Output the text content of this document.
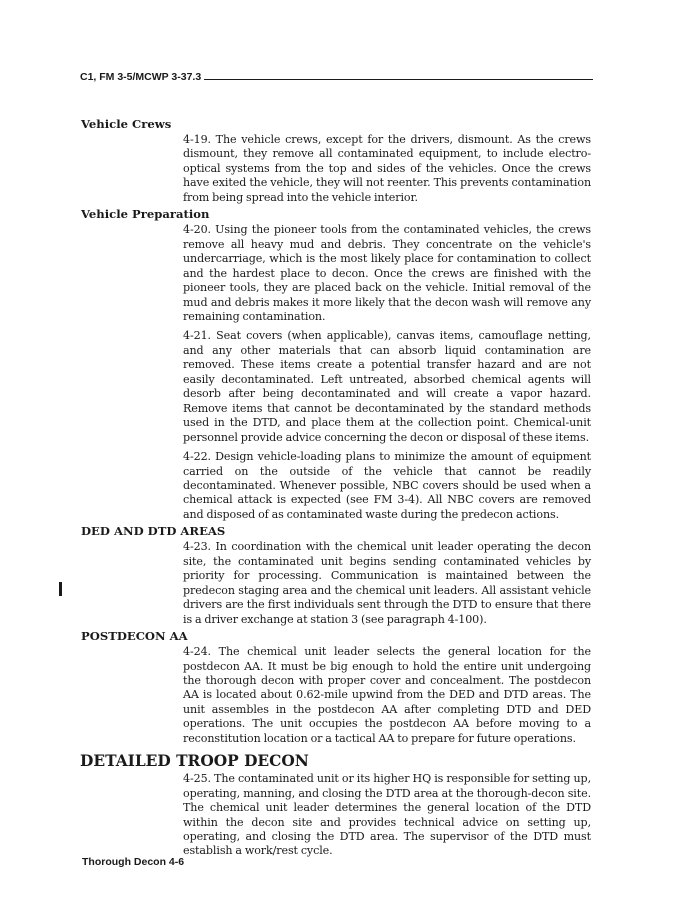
C1, FM 3-5/MCWP 3-37.3
Vehicle Crews

4-19. The vehicle crews, except for the drivers, dismount. As the crews dismount, they remove all contaminated equipment, to include electro-optical systems from the top and sides of the vehicles. Once the crews have exited the vehicle, they will not reenter. This prevents contamination from being spread into the vehicle interior.

Vehicle Preparation

4-20. Using the pioneer tools from the contaminated vehicles, the crews remove all heavy mud and debris. They concentrate on the vehicle's undercarriage, which is the most likely place for contamination to collect and the hardest place to decon. Once the crews are finished with the pioneer tools, they are placed back on the vehicle. Initial removal of the mud and debris makes it more likely that the decon wash will remove any remaining contamination.

4-21. Seat covers (when applicable), canvas items, camouflage netting, and any other materials that can absorb liquid contamination are removed. These items create a potential transfer hazard and are not easily decontaminated. Left untreated, absorbed chemical agents will desorb after being decontaminated and will create a vapor hazard. Remove items that cannot be decontaminated by the standard methods used in the DTD, and place them at the collection point. Chemical-unit personnel provide advice concerning the decon or disposal of these items.

4-22. Design vehicle-loading plans to minimize the amount of equipment carried on the outside of the vehicle that cannot be readily decontaminated. Whenever possible, NBC covers should be used when a chemical attack is expected (see FM 3-4). All NBC covers are removed and disposed of as contaminated waste during the predecon actions.

DED AND DTD AREAS

4-23. In coordination with the chemical unit leader operating the decon site, the contaminated unit begins sending contaminated vehicles by priority for processing. Communication is maintained between the predecon staging area and the chemical unit leaders. All assistant vehicle drivers are the first individuals sent through the DTD to ensure that there is a driver exchange at station 3 (see paragraph 4-100).

POSTDECON AA

4-24. The chemical unit leader selects the general location for the postdecon AA. It must be big enough to hold the entire unit undergoing the thorough decon with proper cover and concealment. The postdecon AA is located about 0.62-mile upwind from the DED and DTD areas. The unit assembles in the postdecon AA after completing DTD and DED operations. The unit occupies the postdecon AA before moving to a reconstitution location or a tactical AA to prepare for future operations.

DETAILED TROOP DECON

4-25. The contaminated unit or its higher HQ is responsible for setting up, operating, manning, and closing the DTD area at the thorough-decon site. The chemical unit leader determines the general location of the DTD within the decon site and provides technical advice on setting up, operating, and closing the DTD area. The supervisor of the DTD must establish a work/rest cycle.

Thorough Decon 4-6
